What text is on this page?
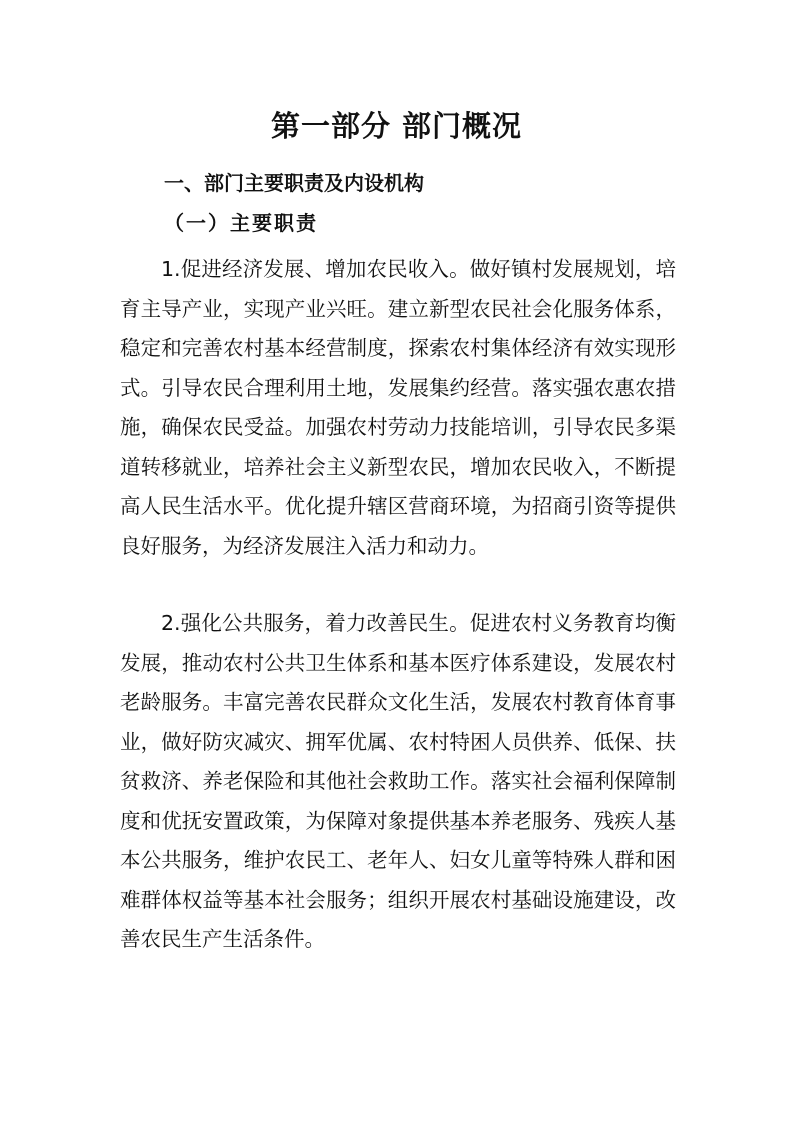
第一部分 部门概况
一、部门主要职责及内设机构
（一）主要职责

1.促进经济发展、增加农民收入。做好镇村发展规划，培育主导产业，实现产业兴旺。建立新型农民社会化服务体系，稳定和完善农村基本经营制度，探索农村集体经济有效实现形式。引导农民合理利用土地，发展集约经营。落实强农惠农措施，确保农民受益。加强农村劳动力技能培训，引导农民多渠道转移就业，培养社会主义新型农民，增加农民收入，不断提高人民生活水平。优化提升辖区营商环境，为招商引资等提供良好服务，为经济发展注入活力和动力。

2.强化公共服务，着力改善民生。促进农村义务教育均衡发展，推动农村公共卫生体系和基本医疗体系建设，发展农村老龄服务。丰富完善农民群众文化生活，发展农村教育体育事业，做好防灾减灾、拥军优属、农村特困人员供养、低保、扶贫救济、养老保险和其他社会救助工作。落实社会福利保障制度和优抚安置政策，为保障对象提供基本养老服务、残疾人基本公共服务，维护农民工、老年人、妇女儿童等特殊人群和困难群体权益等基本社会服务；组织开展农村基础设施建设，改善农民生产生活条件。
